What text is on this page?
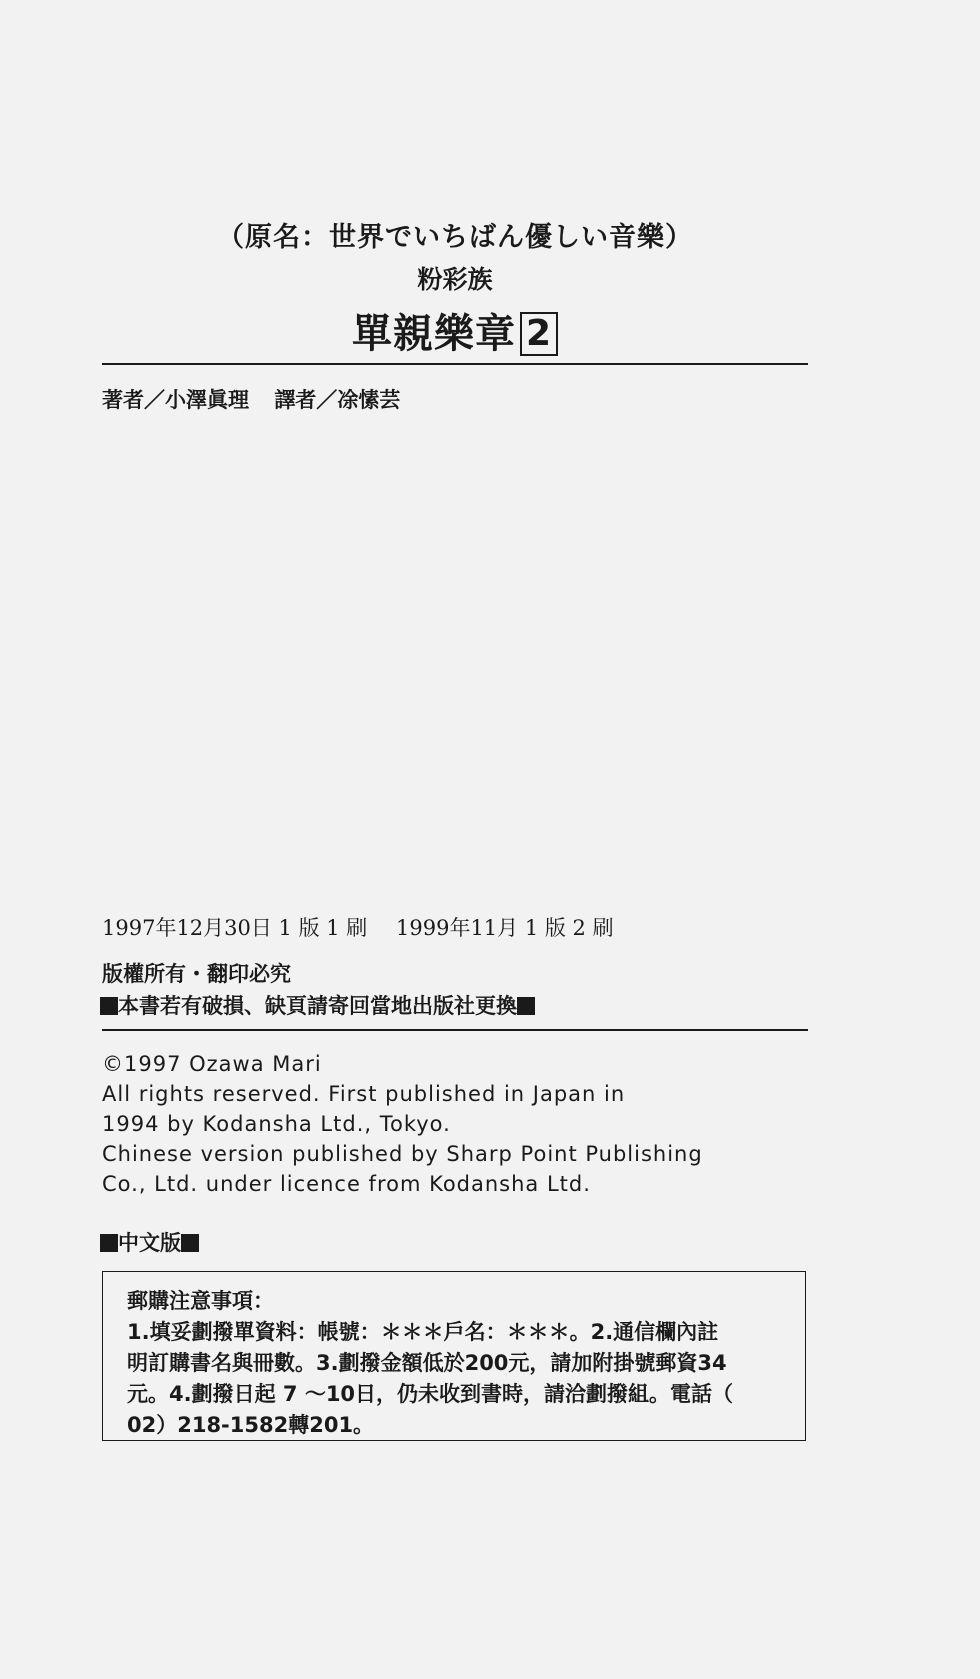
（原名：世界でいちばん優しい音樂）
粉彩族
單親樂章 2
著者／小澤眞理 譯者／凃愫芸
1997年12月30日 1 版 1 刷 1999年11月 1 版 2 刷
版權所有・翻印必究
本書若有破損、缺頁請寄回當地出版社更換
©1997 Ozawa Mari
All rights reserved. First published in Japan in
1994 by Kodansha Ltd., Tokyo.
Chinese version published by Sharp Point Publishing
Co., Ltd. under licence from Kodansha Ltd.
中文版
郵購注意事項：
1.填妥劃撥單資料：帳號：＊＊＊戶名：＊＊＊。2.通信欄內註
明訂購書名與冊數。3.劃撥金額低於200元，請加附掛號郵資34
元。4.劃撥日起 7 ～10日，仍未收到書時，請洽劃撥組。電話（
02）218-1582轉201。
